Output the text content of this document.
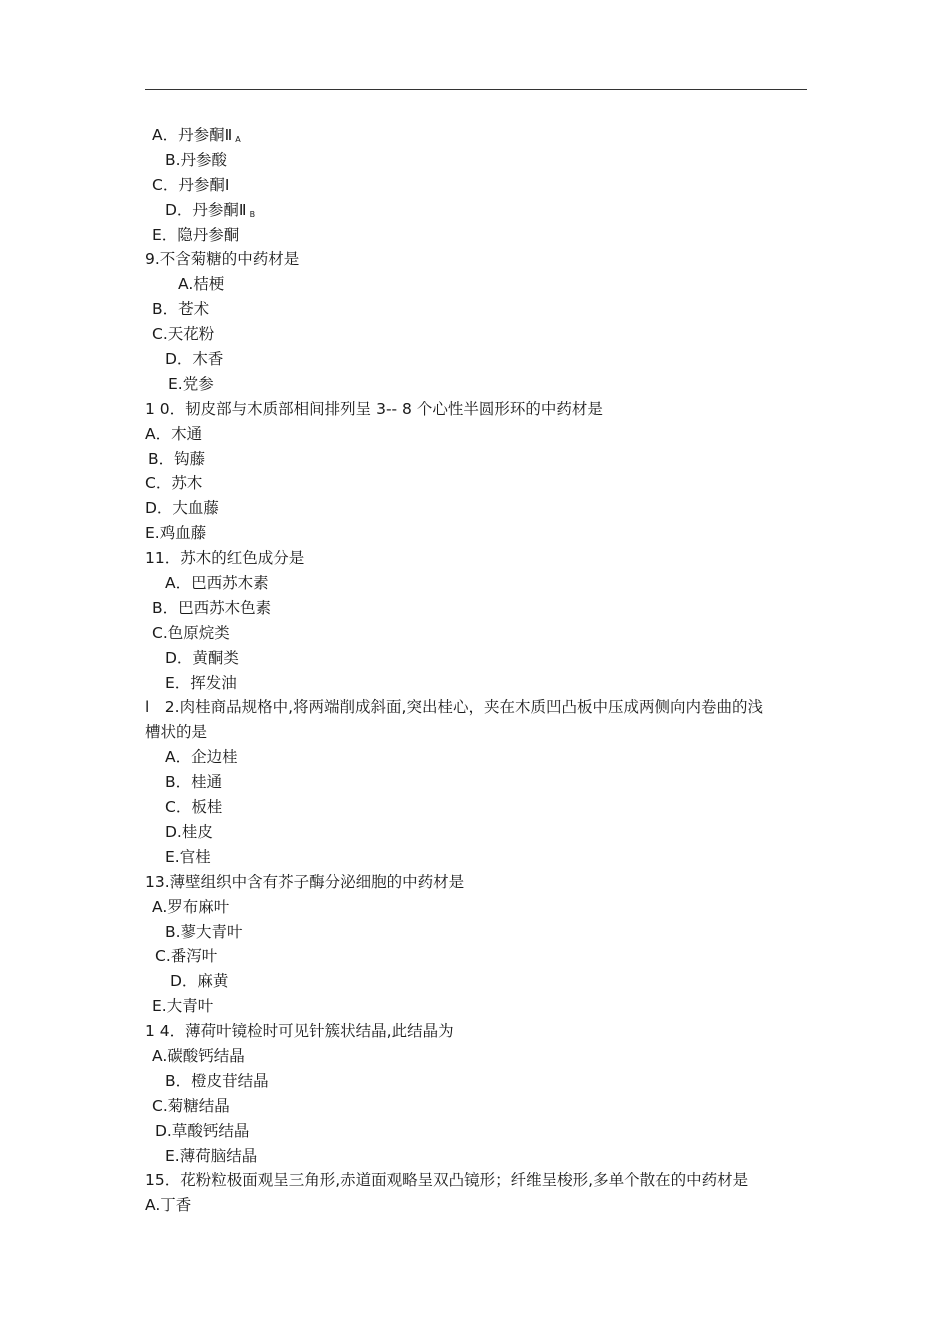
A．丹参酮Ⅱ $_A$
B.丹参酸
C．丹参酮Ⅰ
D．丹参酮Ⅱ $_B$
E．隐丹参酮
9.不含菊糖的中药材是
A.桔梗
B．苍术
C.天花粉
D．木香
E.党参
1 0．韧皮部与木质部相间排列呈 3-- 8 个心性半圆形环的中药材是
A．木通
B．钩藤
C．苏木
D．大血藤
E.鸡血藤
11．苏木的红色成分是
A．巴西苏木素
B．巴西苏木色素
C.色原烷类
D．黄酮类
E．挥发油
l　2.肉桂商品规格中,将两端削成斜面,突出桂心，夹在木质凹凸板中压成两侧向内卷曲的浅
槽状的是
A．企边桂
B．桂通
C．板桂
D.桂皮
E.官桂
13.薄壁组织中含有芥子酶分泌细胞的中药材是
A.罗布麻叶
B.蓼大青叶
C.番泻叶
D．麻黄
E.大青叶
1 4．薄荷叶镜检时可见针簇状结晶,此结晶为
A.碳酸钙结晶
B．橙皮苷结晶
C.菊糖结晶
D.草酸钙结晶
E.薄荷脑结晶
15．花粉粒极面观呈三角形,赤道面观略呈双凸镜形；纤维呈梭形,多单个散在的中药材是
A.丁香
